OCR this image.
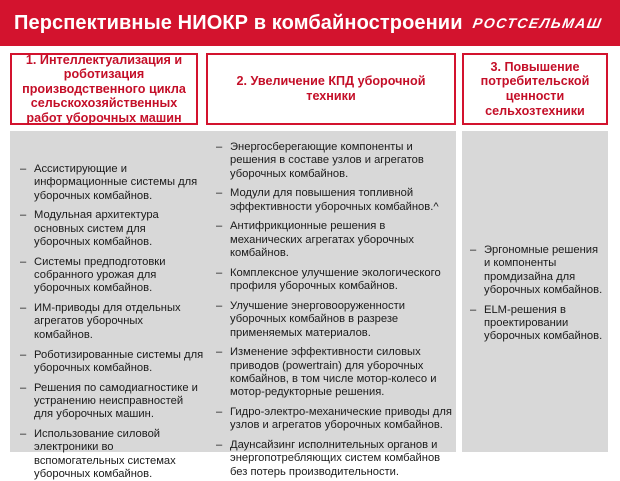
Перспективные НИОКР в комбайностроении РОСТСЕЛЬМАШ
1. Интеллектуализация и роботизация производственного цикла сельскохозяйственных работ уборочных машин
2. Увеличение КПД уборочной техники
3. Повышение потребительской ценности сельхозтехники
– Ассистирующие и информационные системы для уборочных комбайнов.
– Модульная архитектура основных систем для уборочных комбайнов.
– Системы предподготовки собранного урожая для уборочных комбайнов.
– ИМ-приводы для отдельных агрегатов уборочных комбайнов.
– Роботизированные системы для уборочных комбайнов.
– Решения по самодиагностике и устранению неисправностей для уборочных машин.
– Использование силовой электроники во вспомогательных системах уборочных комбайнов.
– Энергосберегающие компоненты и решения в составе узлов и агрегатов уборочных комбайнов.
– Модули для повышения топливной эффективности уборочных комбайнов.^
– Антифрикционные решения в механических агрегатах уборочных комбайнов.
– Комплексное улучшение экологического профиля уборочных комбайнов.
– Улучшение энерговооруженности уборочных комбайнов в разрезе применяемых материалов.
– Изменение эффективности силовых приводов (powertrain) для уборочных комбайнов, в том числе мотор-колесо и мотор-редукторные решения.
– Гидро-электро-механические приводы для узлов и агрегатов уборочных комбайнов.
– Даунсайзинг исполнительных органов и энергопотребляющих систем комбайнов без потерь производительности.
– Эргономные решения и компоненты промдизайна для уборочных комбайнов.
– ELM-решения в проектировании уборочных комбайнов.
